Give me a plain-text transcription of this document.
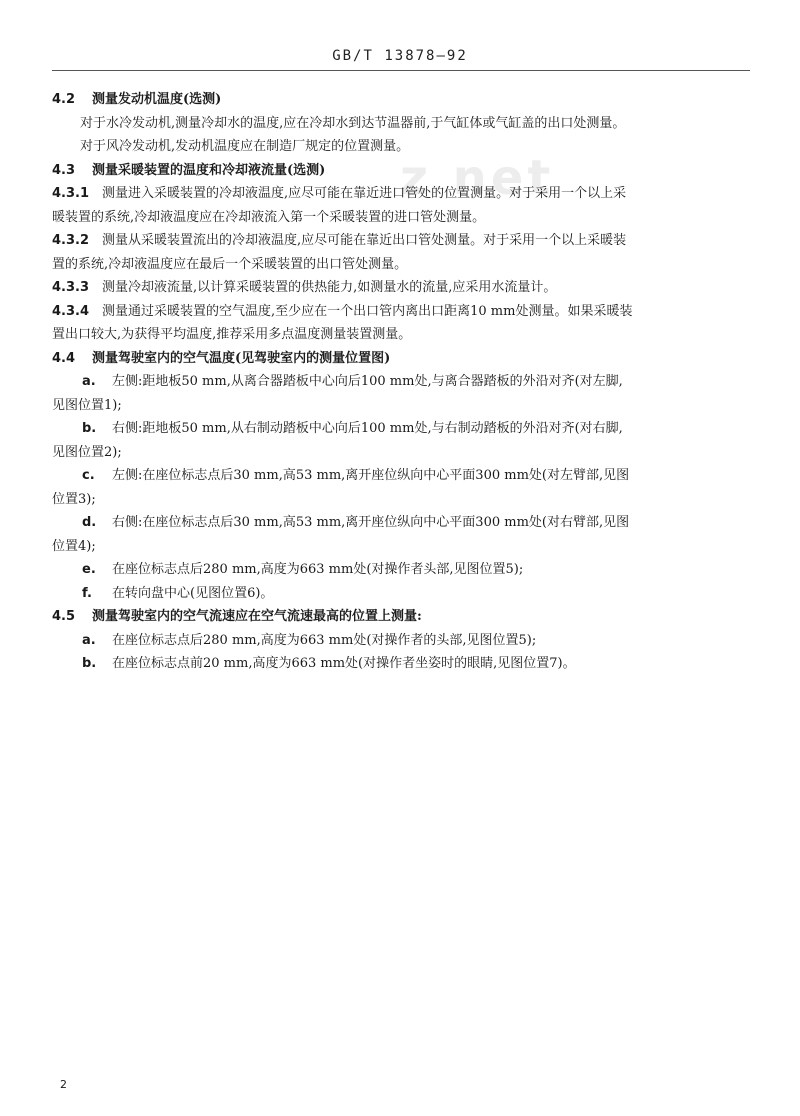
z net
GB/T 13878—92
4.2 测量发动机温度(选测)
对于水冷发动机,测量冷却水的温度,应在冷却水到达节温器前,于气缸体或气缸盖的出口处测量。
对于风冷发动机,发动机温度应在制造厂规定的位置测量。
4.3 测量采暖装置的温度和冷却液流量(选测)
4.3.1 测量进入采暖装置的冷却液温度,应尽可能在靠近进口管处的位置测量。对于采用一个以上采
暖装置的系统,冷却液温度应在冷却液流入第一个采暖装置的进口管处测量。
4.3.2 测量从采暖装置流出的冷却液温度,应尽可能在靠近出口管处测量。对于采用一个以上采暖装
置的系统,冷却液温度应在最后一个采暖装置的出口管处测量。
4.3.3 测量冷却液流量,以计算采暖装置的供热能力,如测量水的流量,应采用水流量计。
4.3.4 测量通过采暖装置的空气温度,至少应在一个出口管内离出口距离10 mm处测量。如果采暖装
置出口较大,为获得平均温度,推荐采用多点温度测量装置测量。
4.4 测量驾驶室内的空气温度(见驾驶室内的测量位置图)
a. 左侧:距地板50 mm,从离合器踏板中心向后100 mm处,与离合器踏板的外沿对齐(对左脚,
见图位置1);
b. 右侧:距地板50 mm,从右制动踏板中心向后100 mm处,与右制动踏板的外沿对齐(对右脚,
见图位置2);
c. 左侧:在座位标志点后30 mm,高53 mm,离开座位纵向中心平面300 mm处(对左臂部,见图
位置3);
d. 右侧:在座位标志点后30 mm,高53 mm,离开座位纵向中心平面300 mm处(对右臂部,见图
位置4);
e. 在座位标志点后280 mm,高度为663 mm处(对操作者头部,见图位置5);
f. 在转向盘中心(见图位置6)。
4.5 测量驾驶室内的空气流速应在空气流速最高的位置上测量:
a. 在座位标志点后280 mm,高度为663 mm处(对操作者的头部,见图位置5);
b. 在座位标志点前20 mm,高度为663 mm处(对操作者坐姿时的眼睛,见图位置7)。
2
